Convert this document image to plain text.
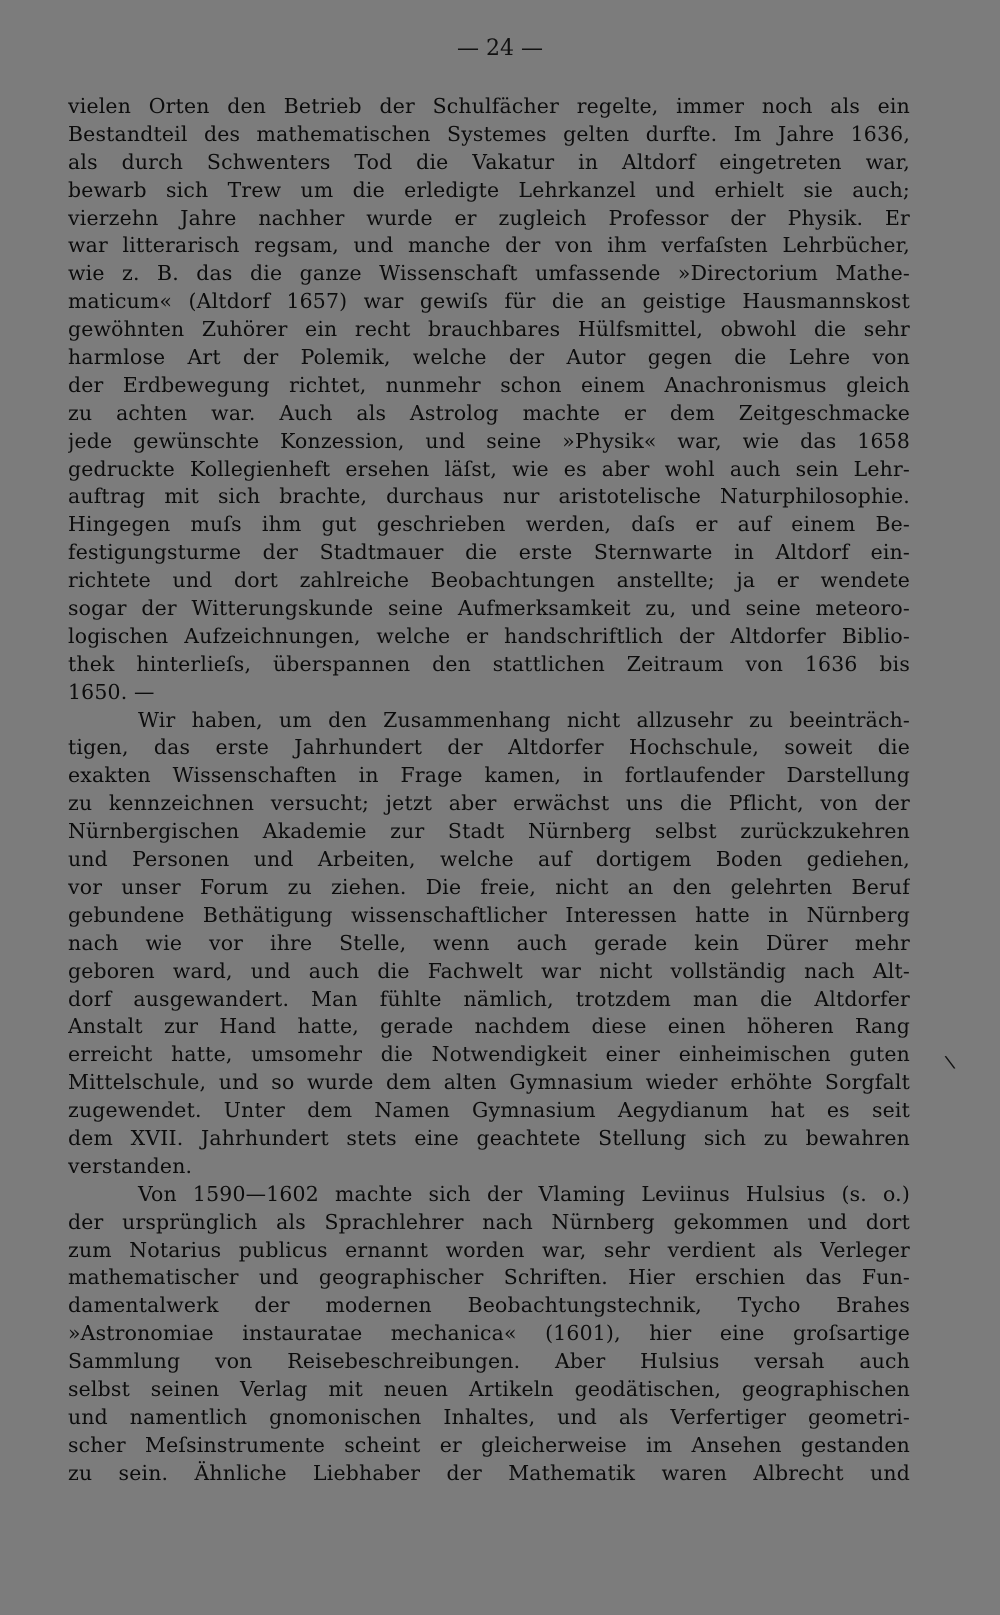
— 24 —
vielen Orten den Betrieb der Schulfächer regelte, immer noch als ein
Bestandteil des mathematischen Systemes gelten durfte. Im Jahre 1636,
als durch Schwenters Tod die Vakatur in Altdorf eingetreten war,
bewarb sich Trew um die erledigte Lehrkanzel und erhielt sie auch;
vierzehn Jahre nachher wurde er zugleich Professor der Physik. Er
war litterarisch regsam, und manche der von ihm verfaſsten Lehrbücher,
wie z. B. das die ganze Wissenschaft umfassende »Directorium Mathe-
maticum« (Altdorf 1657) war gewiſs für die an geistige Hausmannskost
gewöhnten Zuhörer ein recht brauchbares Hülfsmittel, obwohl die sehr
harmlose Art der Polemik, welche der Autor gegen die Lehre von
der Erdbewegung richtet, nunmehr schon einem Anachronismus gleich
zu achten war. Auch als Astrolog machte er dem Zeitgeschmacke
jede gewünschte Konzession, und seine »Physik« war, wie das 1658
gedruckte Kollegienheft ersehen läſst, wie es aber wohl auch sein Lehr-
auftrag mit sich brachte, durchaus nur aristotelische Naturphilosophie.
Hingegen muſs ihm gut geschrieben werden, daſs er auf einem Be-
festigungsturme der Stadtmauer die erste Sternwarte in Altdorf ein-
richtete und dort zahlreiche Beobachtungen anstellte; ja er wendete
sogar der Witterungskunde seine Aufmerksamkeit zu, und seine meteoro-
logischen Aufzeichnungen, welche er handschriftlich der Altdorfer Biblio-
thek hinterlieſs, überspannen den stattlichen Zeitraum von 1636 bis
1650. —
Wir haben, um den Zusammenhang nicht allzusehr zu beeinträch-
tigen, das erste Jahrhundert der Altdorfer Hochschule, soweit die
exakten Wissenschaften in Frage kamen, in fortlaufender Darstellung
zu kennzeichnen versucht; jetzt aber erwächst uns die Pflicht, von der
Nürnbergischen Akademie zur Stadt Nürnberg selbst zurückzukehren
und Personen und Arbeiten, welche auf dortigem Boden gediehen,
vor unser Forum zu ziehen. Die freie, nicht an den gelehrten Beruf
gebundene Bethätigung wissenschaftlicher Interessen hatte in Nürnberg
nach wie vor ihre Stelle, wenn auch gerade kein Dürer mehr
geboren ward, und auch die Fachwelt war nicht vollständig nach Alt-
dorf ausgewandert. Man fühlte nämlich, trotzdem man die Altdorfer
Anstalt zur Hand hatte, gerade nachdem diese einen höheren Rang
erreicht hatte, umsomehr die Notwendigkeit einer einheimischen guten
Mittelschule, und so wurde dem alten Gymnasium wieder erhöhte Sorgfalt
zugewendet. Unter dem Namen Gymnasium Aegydianum hat es seit
dem XVII. Jahrhundert stets eine geachtete Stellung sich zu bewahren
verstanden.
Von 1590—1602 machte sich der Vlaming Leviinus Hulsius (s. o.)
der ursprünglich als Sprachlehrer nach Nürnberg gekommen und dort
zum Notarius publicus ernannt worden war, sehr verdient als Verleger
mathematischer und geographischer Schriften. Hier erschien das Fun-
damentalwerk der modernen Beobachtungstechnik, Tycho Brahes
»Astronomiae instauratae mechanica« (1601), hier eine groſsartige
Sammlung von Reisebeschreibungen. Aber Hulsius versah auch
selbst seinen Verlag mit neuen Artikeln geodätischen, geographischen
und namentlich gnomonischen Inhaltes, und als Verfertiger geometri-
scher Meſsinstrumente scheint er gleicherweise im Ansehen gestanden
zu sein. Ähnliche Liebhaber der Mathematik waren Albrecht und
\
